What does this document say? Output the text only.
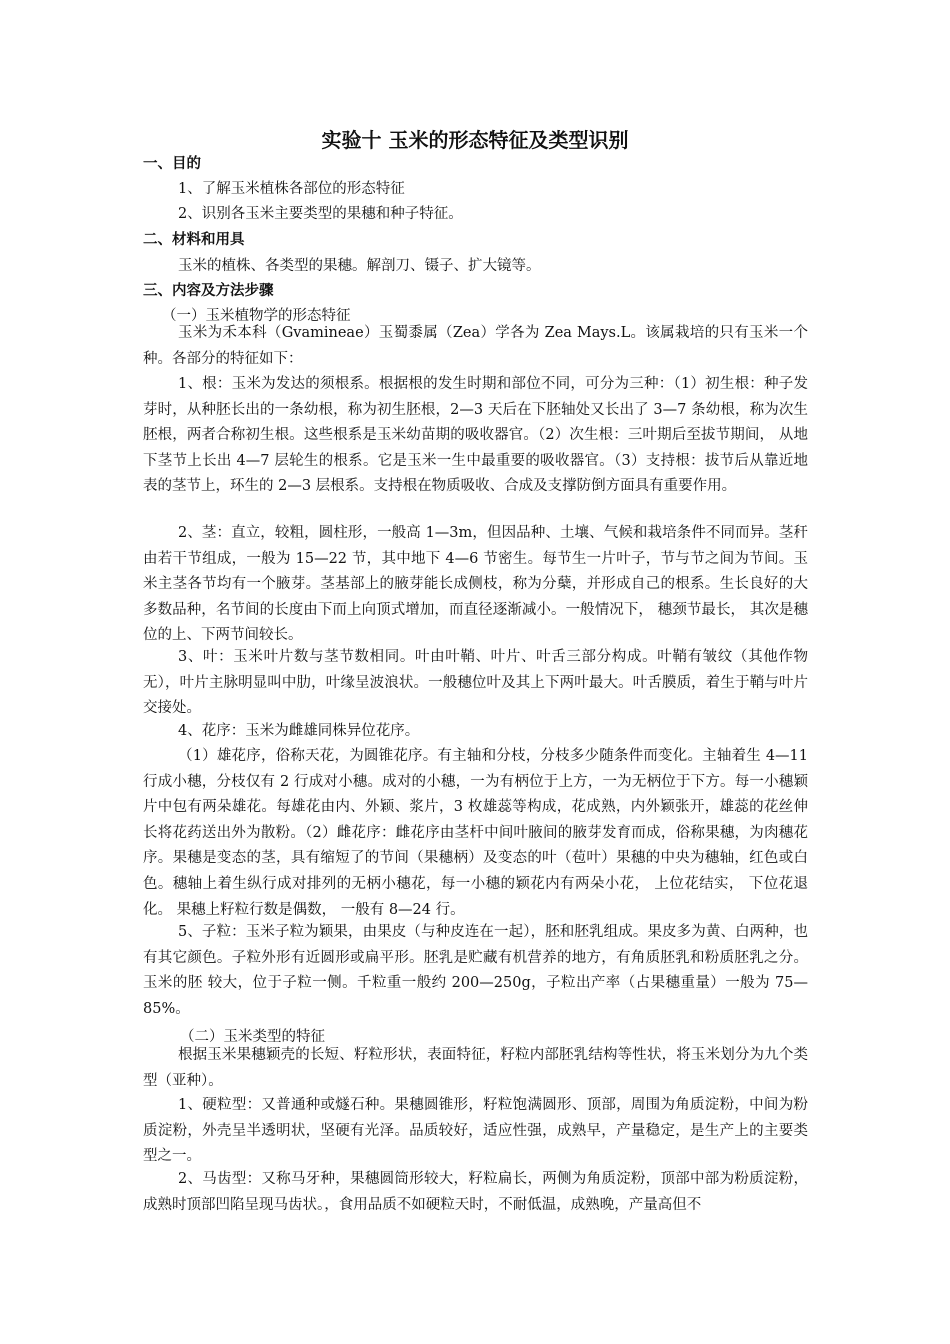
实验十 玉米的形态特征及类型识别
一、目的
1、了解玉米植株各部位的形态特征
2、识别各玉米主要类型的果穗和种子特征。
二、材料和用具
玉米的植株、各类型的果穗。解剖刀、镊子、扩大镜等。
三、内容及方法步骤
（一）玉米植物学的形态特征
玉米为禾本科（Gvamineae）玉蜀黍属（Zea）学各为 Zea Mays.L。该属栽培的只有玉米一个种。各部分的特征如下：
1、根：玉米为发达的须根系。根据根的发生时期和部位不同，可分为三种：（1）初生根：种子发芽时，从种胚长出的一条幼根，称为初生胚根，2—3 天后在下胚轴处又长出了 3—7 条幼根，称为次生胚根，两者合称初生根。这些根系是玉米幼苗期的吸收器官。（2）次生根：三叶期后至拔节期间， 从地下茎节上长出 4—7 层轮生的根系。它是玉米一生中最重要的吸收器官。（3）支持根：拔节后从靠近地表的茎节上，环生的 2—3 层根系。支持根在物质吸收、合成及支撑防倒方面具有重要作用。
2、茎：直立，较粗，圆柱形，一般高 1—3m，但因品种、土壤、气候和栽培条件不同而异。茎秆由若干节组成，一般为 15—22 节，其中地下 4—6 节密生。每节生一片叶子，节与节之间为节间。玉米主茎各节均有一个腋芽。茎基部上的腋芽能长成侧枝，称为分蘖，并形成自己的根系。生长良好的大多数品种，名节间的长度由下而上向顶式增加，而直径逐渐减小。一般情况下， 穗颈节最长， 其次是穗位的上、下两节间较长。
3、叶：玉米叶片数与茎节数相同。叶由叶鞘、叶片、叶舌三部分构成。叶鞘有皱纹（其他作物无），叶片主脉明显叫中肋，叶缘呈波浪状。一般穗位叶及其上下两叶最大。叶舌膜质，着生于鞘与叶片交接处。
4、花序：玉米为雌雄同株异位花序。
（1）雄花序，俗称天花，为圆锥花序。有主轴和分枝，分枝多少随条件而变化。主轴着生 4—11 行成小穗，分枝仅有 2 行成对小穗。成对的小穗，一为有柄位于上方，一为无柄位于下方。每一小穗颖片中包有两朵雄花。每雄花由内、外颖、浆片，3 枚雄蕊等构成，花成熟，内外颖张开，雄蕊的花丝伸长将花药送出外为散粉。（2）雌花序：雌花序由茎杆中间叶腋间的腋芽发育而成，俗称果穗，为肉穗花序。果穗是变态的茎，具有缩短了的节间（果穗柄）及变态的叶（苞叶）果穗的中央为穗轴，红色或白色。穗轴上着生纵行成对排列的无柄小穗花，每一小穗的颖花内有两朵小花， 上位花结实， 下位花退化。 果穗上籽粒行数是偶数， 一般有 8—24 行。
5、子粒：玉米子粒为颖果，由果皮（与种皮连在一起），胚和胚乳组成。果皮多为黄、白两种，也有其它颜色。子粒外形有近圆形或扁平形。胚乳是贮藏有机营养的地方，有角质胚乳和粉质胚乳之分。玉米的胚 较大，位于子粒一侧。千粒重一般约 200—250g，子粒出产率（占果穗重量）一般为 75—85%。
（二）玉米类型的特征
根据玉米果穗颖壳的长短、籽粒形状，表面特征，籽粒内部胚乳结构等性状，将玉米划分为九个类型（亚种）。
1、硬粒型：又普通种或燧石种。果穗圆锥形，籽粒饱满圆形、顶部，周围为角质淀粉，中间为粉质淀粉，外壳呈半透明状，坚硬有光泽。品质较好，适应性强，成熟早，产量稳定，是生产上的主要类型之一。
2、马齿型：又称马牙种，果穗圆筒形较大，籽粒扁长，两侧为角质淀粉，顶部中部为粉质淀粉，成熟时顶部凹陷呈现马齿状。，食用品质不如硬粒天时，不耐低温，成熟晚，产量高但不
